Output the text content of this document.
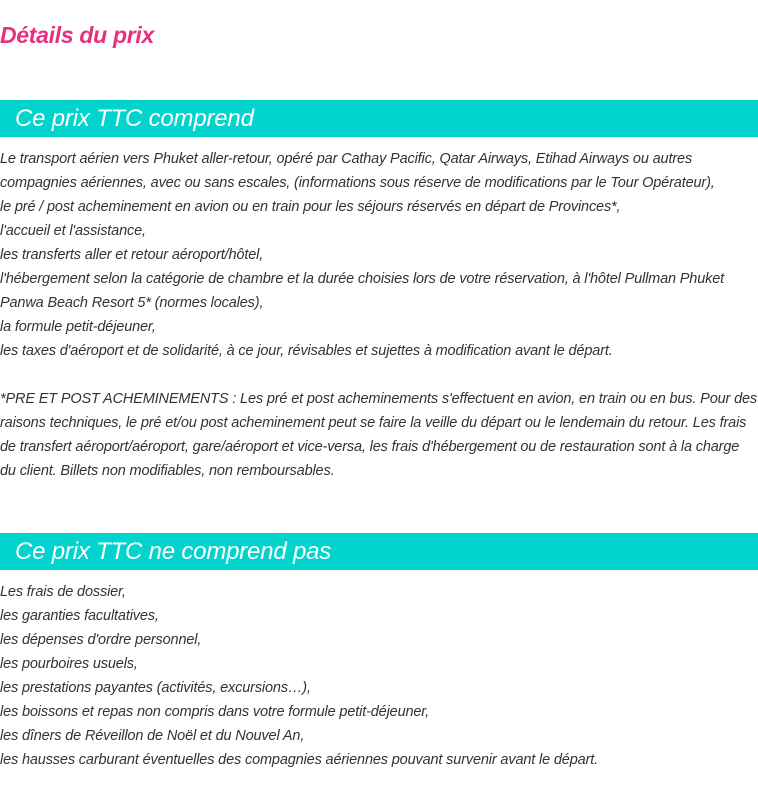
Détails du prix
Ce prix TTC comprend
Le transport aérien vers Phuket aller-retour, opéré par Cathay Pacific, Qatar Airways, Etihad Airways ou autres
compagnies aériennes, avec ou sans escales, (informations sous réserve de modifications par le Tour Opérateur),
le pré / post acheminement en avion ou en train pour les séjours réservés en départ de Provinces*,
l'accueil et l'assistance,
les transferts aller et retour aéroport/hôtel,
l'hébergement selon la catégorie de chambre et la durée choisies lors de votre réservation, à l'hôtel Pullman Phuket
Panwa Beach Resort 5* (normes locales),
la formule petit-déjeuner,
les taxes d'aéroport et de solidarité, à ce jour, révisables et sujettes à modification avant le départ.
*PRE ET POST ACHEMINEMENTS : Les pré et post acheminements s'effectuent en avion, en train ou en bus. Pour des
raisons techniques, le pré et/ou post acheminement peut se faire la veille du départ ou le lendemain du retour. Les frais
de transfert aéroport/aéroport, gare/aéroport et vice-versa, les frais d'hébergement ou de restauration sont à la charge
du client. Billets non modifiables, non remboursables.
Ce prix TTC ne comprend pas
Les frais de dossier,
les garanties facultatives,
les dépenses d'ordre personnel,
les pourboires usuels,
les prestations payantes (activités, excursions…),
les boissons et repas non compris dans votre formule petit-déjeuner,
les dîners de Réveillon de Noël et du Nouvel An,
les hausses carburant éventuelles des compagnies aériennes pouvant survenir avant le départ.
